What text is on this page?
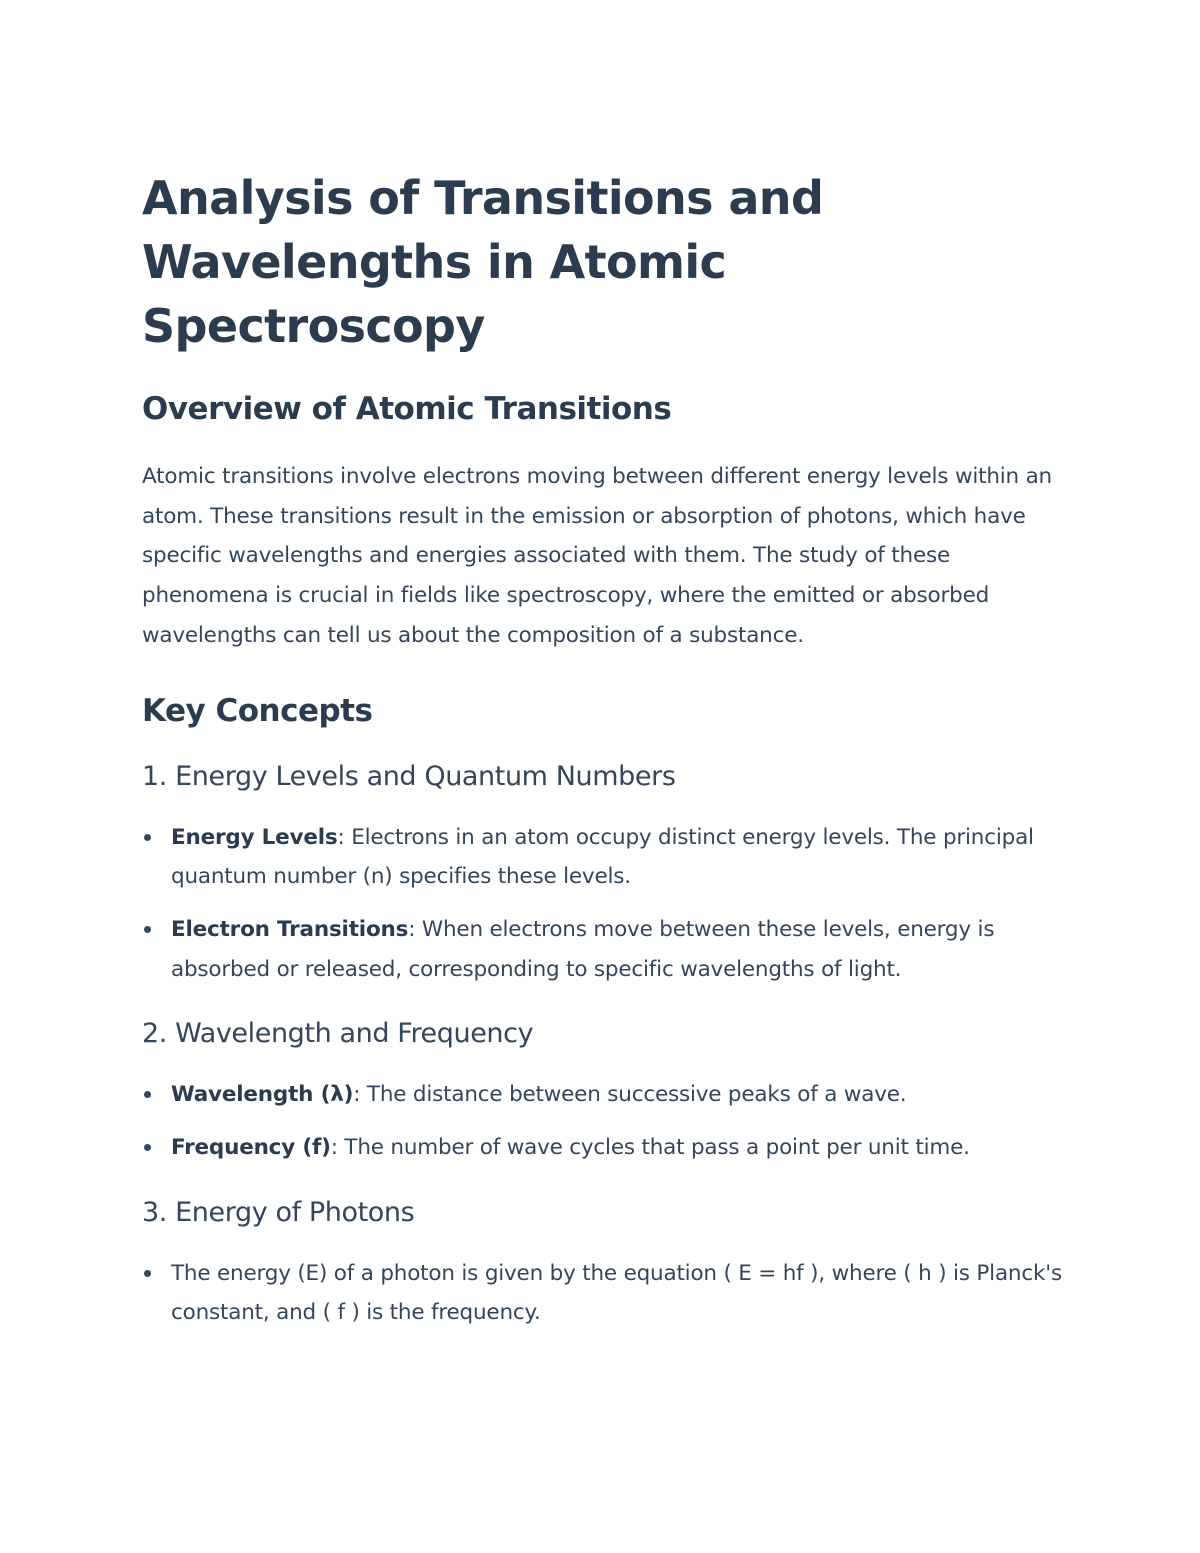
Analysis of Transitions and Wavelengths in Atomic Spectroscopy
Overview of Atomic Transitions

Atomic transitions involve electrons moving between different energy levels within an atom. These transitions result in the emission or absorption of photons, which have specific wavelengths and energies associated with them. The study of these phenomena is crucial in fields like spectroscopy, where the emitted or absorbed wavelengths can tell us about the composition of a substance.

Key Concepts
1. Energy Levels and Quantum Numbers
Energy Levels: Electrons in an atom occupy distinct energy levels. The principal quantum number (n) specifies these levels.
Electron Transitions: When electrons move between these levels, energy is absorbed or released, corresponding to specific wavelengths of light.
2. Wavelength and Frequency
Wavelength (λ): The distance between successive peaks of a wave.
Frequency (f): The number of wave cycles that pass a point per unit time.
3. Energy of Photons
The energy (E) of a photon is given by the equation ( E = hf ), where ( h ) is Planck's constant, and ( f ) is the frequency.
